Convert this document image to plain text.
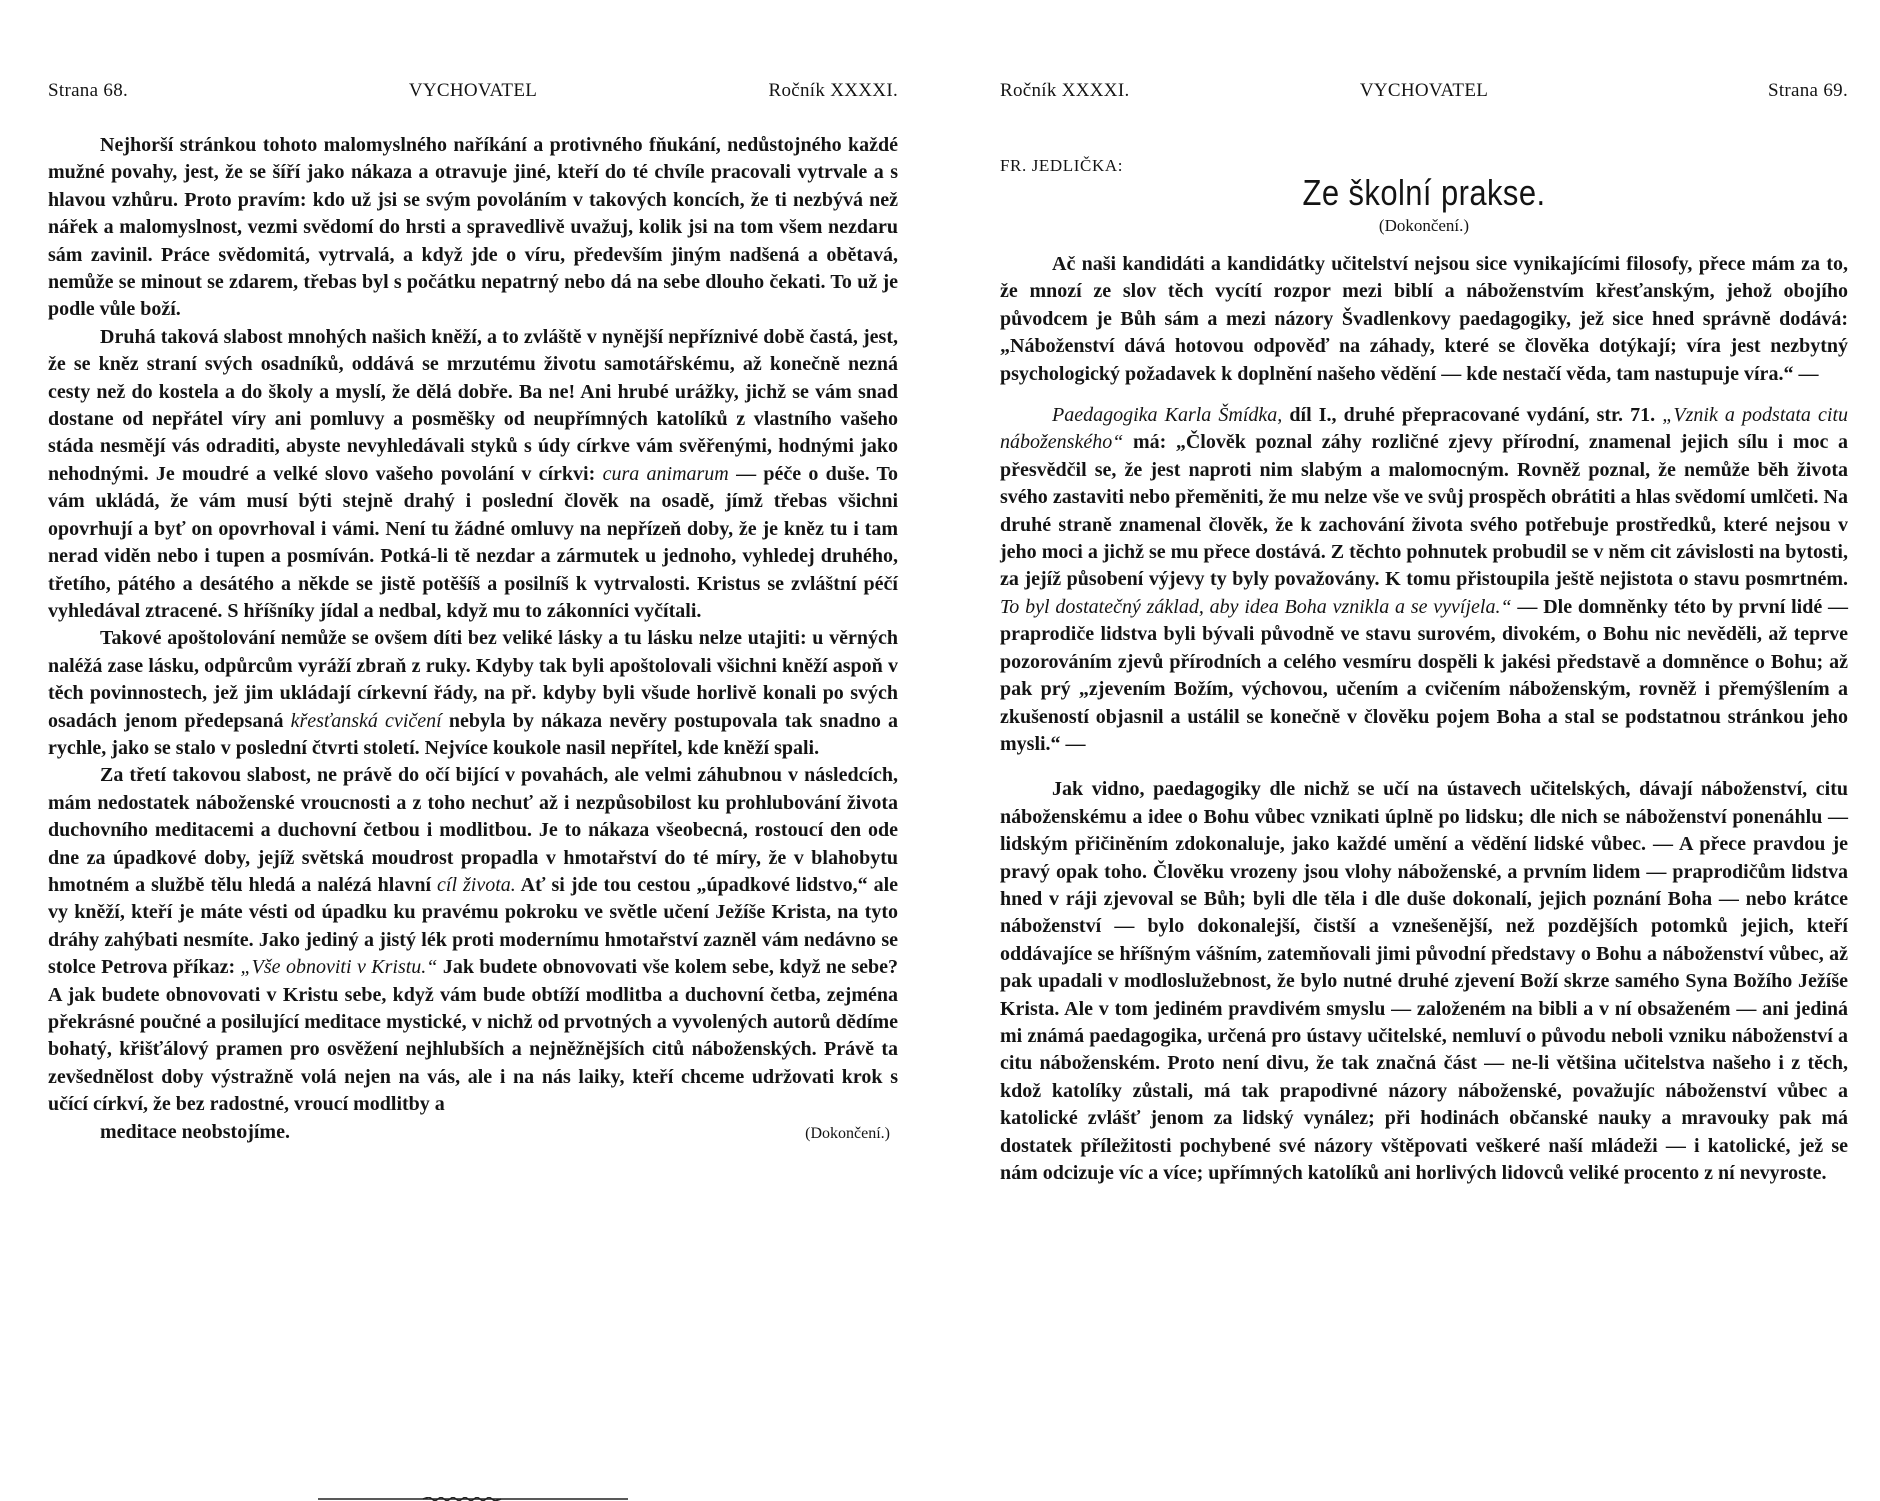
Strana 68.	VYCHOVATEL	Ročník XXXXI.

Nejhorší stránkou tohoto malomyslného naříkání a protivného fňukání, nedůstojného každé mužné povahy, jest, že se šíří jako nákaza a otravuje jiné, kteří do té chvíle pracovali vytrvale a s hlavou vzhůru. Proto pravím: kdo už jsi se svým povoláním v takových koncích, že ti nezbývá než nářek a malomyslnost, vezmi svědomí do hrsti a spravedlivě uvažuj, kolik jsi na tom všem nezdaru sám zavinil. Práce svědomitá, vytrvalá, a když jde o víru, především jiným nadšená a obětavá, nemůže se minout se zdarem, třebas byl s počátku nepatrný nebo dá na sebe dlouho čekati. To už je podle vůle boží.

Druhá taková slabost mnohých našich kněží, a to zvláště v nynější nepříznivé době častá, jest, že se kněz straní svých osadníků, oddává se mrzutému životu samotářskému, až konečně nezná cesty než do kostela a do školy a myslí, že dělá dobře. Ba ne! Ani hrubé urážky, jichž se vám snad dostane od nepřátel víry ani pomluvy a posměšky od neupřímných katolíků z vlastního vašeho stáda nesmějí vás odraditi, abyste nevyhledávali styků s údy církve vám svěřenými, hodnými jako nehodnými. Je moudré a velké slovo vašeho povolání v církvi: cura animarum — péče o duše. To vám ukládá, že vám musí býti stejně drahý i poslední člověk na osadě, jímž třebas všichni opovrhují a byť on opovrhoval i vámi. Není tu žádné omluvy na nepřízeň doby, že je kněz tu i tam nerad viděn nebo i tupen a posmíván. Potká-li tě nezdar a zármutek u jednoho, vyhledej druhého, třetího, pátého a desátého a někde se jistě potěšíš a posilníš k vytrvalosti. Kristus se zvláštní péčí vyhledával ztracené. S hříšníky jídal a nedbal, když mu to zákonníci vyčítali.

Takové apoštolování nemůže se ovšem díti bez veliké lásky a tu lásku nelze utajiti: u věrných naléžá zase lásku, odpůrcům vyráží zbraň z ruky. Kdyby tak byli apoštolovali všichni kněží aspoň v těch povinnostech, jež jim ukládají církevní řády, na př. kdyby byli všude horlivě konali po svých osadách jenom předepsaná křesťanská cvičení nebyla by nákaza nevěry postupovala tak snadno a rychle, jako se stalo v poslední čtvrti století. Nejvíce koukole nasil nepřítel, kde kněží spali.

Za třetí takovou slabost, ne právě do očí bijící v povahách, ale velmi záhubnou v následcích, mám nedostatek náboženské vroucnosti a z toho nechuť až i nezpůsobilost ku prohlubování života duchovního meditacemi a duchovní četbou i modlitbou. Je to nákaza všeobecná, rostoucí den ode dne za úpadkové doby, jejíž světská moudrost propadla v hmotařství do té míry, že v blahobytu hmotném a službě tělu hledá a nalézá hlavní cíl života. Ať si jde tou cestou „úpadkové lidstvo,“ ale vy kněží, kteří je máte vésti od úpadku ku pravému pokroku ve světle učení Ježíše Krista, na tyto dráhy zahýbati nesmíte. Jako jediný a jistý lék proti modernímu hmotařství zazněl vám nedávno se stolce Petrova příkaz: „Vše obnoviti v Kristu.“ Jak budete obnovovati vše kolem sebe, když ne sebe? A jak budete obnovovati v Kristu sebe, když vám bude obtíží modlitba a duchovní četba, zejména překrásné poučné a posilující meditace mystické, v nichž od prvotných a vyvolených autorů dědíme bohatý, křišťálový pramen pro osvěžení nejhlubších a nejněžnějších citů náboženských. Právě ta zevšednělost doby výstražně volá nejen na vás, ale i na nás laiky, kteří chceme udržovati krok s učící církví, že bez radostné, vroucí modlitby a

meditace neobstojíme.	(Dokončení.)

Ročník XXXXI.	VYCHOVATEL	Strana 69.
FR. JEDLIČKA:
Ze školní prakse.
(Dokončení.)

Ač naši kandidáti a kandidátky učitelství nejsou sice vynikajícími filosofy, přece mám za to, že mnozí ze slov těch vycítí rozpor mezi biblí a náboženstvím křesťanským, jehož obojího původcem je Bůh sám a mezi názory Švadlenkovy paedagogiky, jež sice hned správně dodává: „Náboženství dává hotovou odpověď na záhady, které se člověka dotýkají; víra jest nezbytný psychologický požadavek k doplnění našeho vědění — kde nestačí věda, tam nastupuje víra.“ —

Paedagogika Karla Šmídka, díl I., druhé přepracované vydání, str. 71. „Vznik a podstata citu náboženského“ má: „Člověk poznal záhy rozličné zjevy přírodní, znamenal jejich sílu i moc a přesvědčil se, že jest naproti nim slabým a malomocným. Rovněž poznal, že nemůže běh života svého zastaviti nebo přeměniti, že mu nelze vše ve svůj prospěch obrátiti a hlas svědomí umlčeti. Na druhé straně znamenal člověk, že k zachování života svého potřebuje prostředků, které nejsou v jeho moci a jichž se mu přece dostává. Z těchto pohnutek probudil se v něm cit závislosti na bytosti, za jejíž působení výjevy ty byly považovány. K tomu přistoupila ještě nejistota o stavu posmrtném. To byl dostatečný základ, aby idea Boha vznikla a se vyvíjela.“ — Dle domněnky této by první lidé — praprodiče lidstva byli bývali původně ve stavu surovém, divokém, o Bohu nic nevěděli, až teprve pozorováním zjevů přírodních a celého vesmíru dospěli k jakési představě a domněnce o Bohu; až pak prý „zjevením Božím, výchovou, učením a cvičením náboženským, rovněž i přemýšlením a zkušeností objasnil a ustálil se konečně v člověku pojem Boha a stal se podstatnou stránkou jeho mysli.“ —

Jak vidno, paedagogiky dle nichž se učí na ústavech učitelských, dávají náboženství, citu náboženskému a idee o Bohu vůbec vznikati úplně po lidsku; dle nich se náboženství ponenáhlu — lidským přičiněním zdokonaluje, jako každé umění a vědění lidské vůbec. — A přece pravdou je pravý opak toho. Člověku vrozeny jsou vlohy náboženské, a prvním lidem — praprodičům lidstva hned v ráji zjevoval se Bůh; byli dle těla i dle duše dokonalí, jejich poznání Boha — nebo krátce náboženství — bylo dokonalejší, čistší a vznešenější, než pozdějších potomků jejich, kteří oddávajíce se hříšným vášním, zatemňovali jimi původní představy o Bohu a náboženství vůbec, až pak upadali v modloslužebnost, že bylo nutné druhé zjevení Boží skrze samého Syna Božího Ježíše Krista. Ale v tom jediném pravdivém smyslu — založeném na bibli a v ní obsaženém — ani jediná mi známá paedagogika, určená pro ústavy učitelské, nemluví o původu neboli vzniku náboženství a citu náboženském. Proto není divu, že tak značná část — ne-li většina učitelstva našeho i z těch, kdož katolíky zůstali, má tak prapodivné názory náboženské, považujíc náboženství vůbec a katolické zvlášť jenom za lidský vynález; při hodinách občanské nauky a mravouky pak má dostatek příležitosti pochybené své názory vštěpovati veškeré naší mládeži — i katolické, jež se nám odcizuje víc a více; upřímných katolíků ani horlivých lidovců veliké procento z ní nevyroste.
